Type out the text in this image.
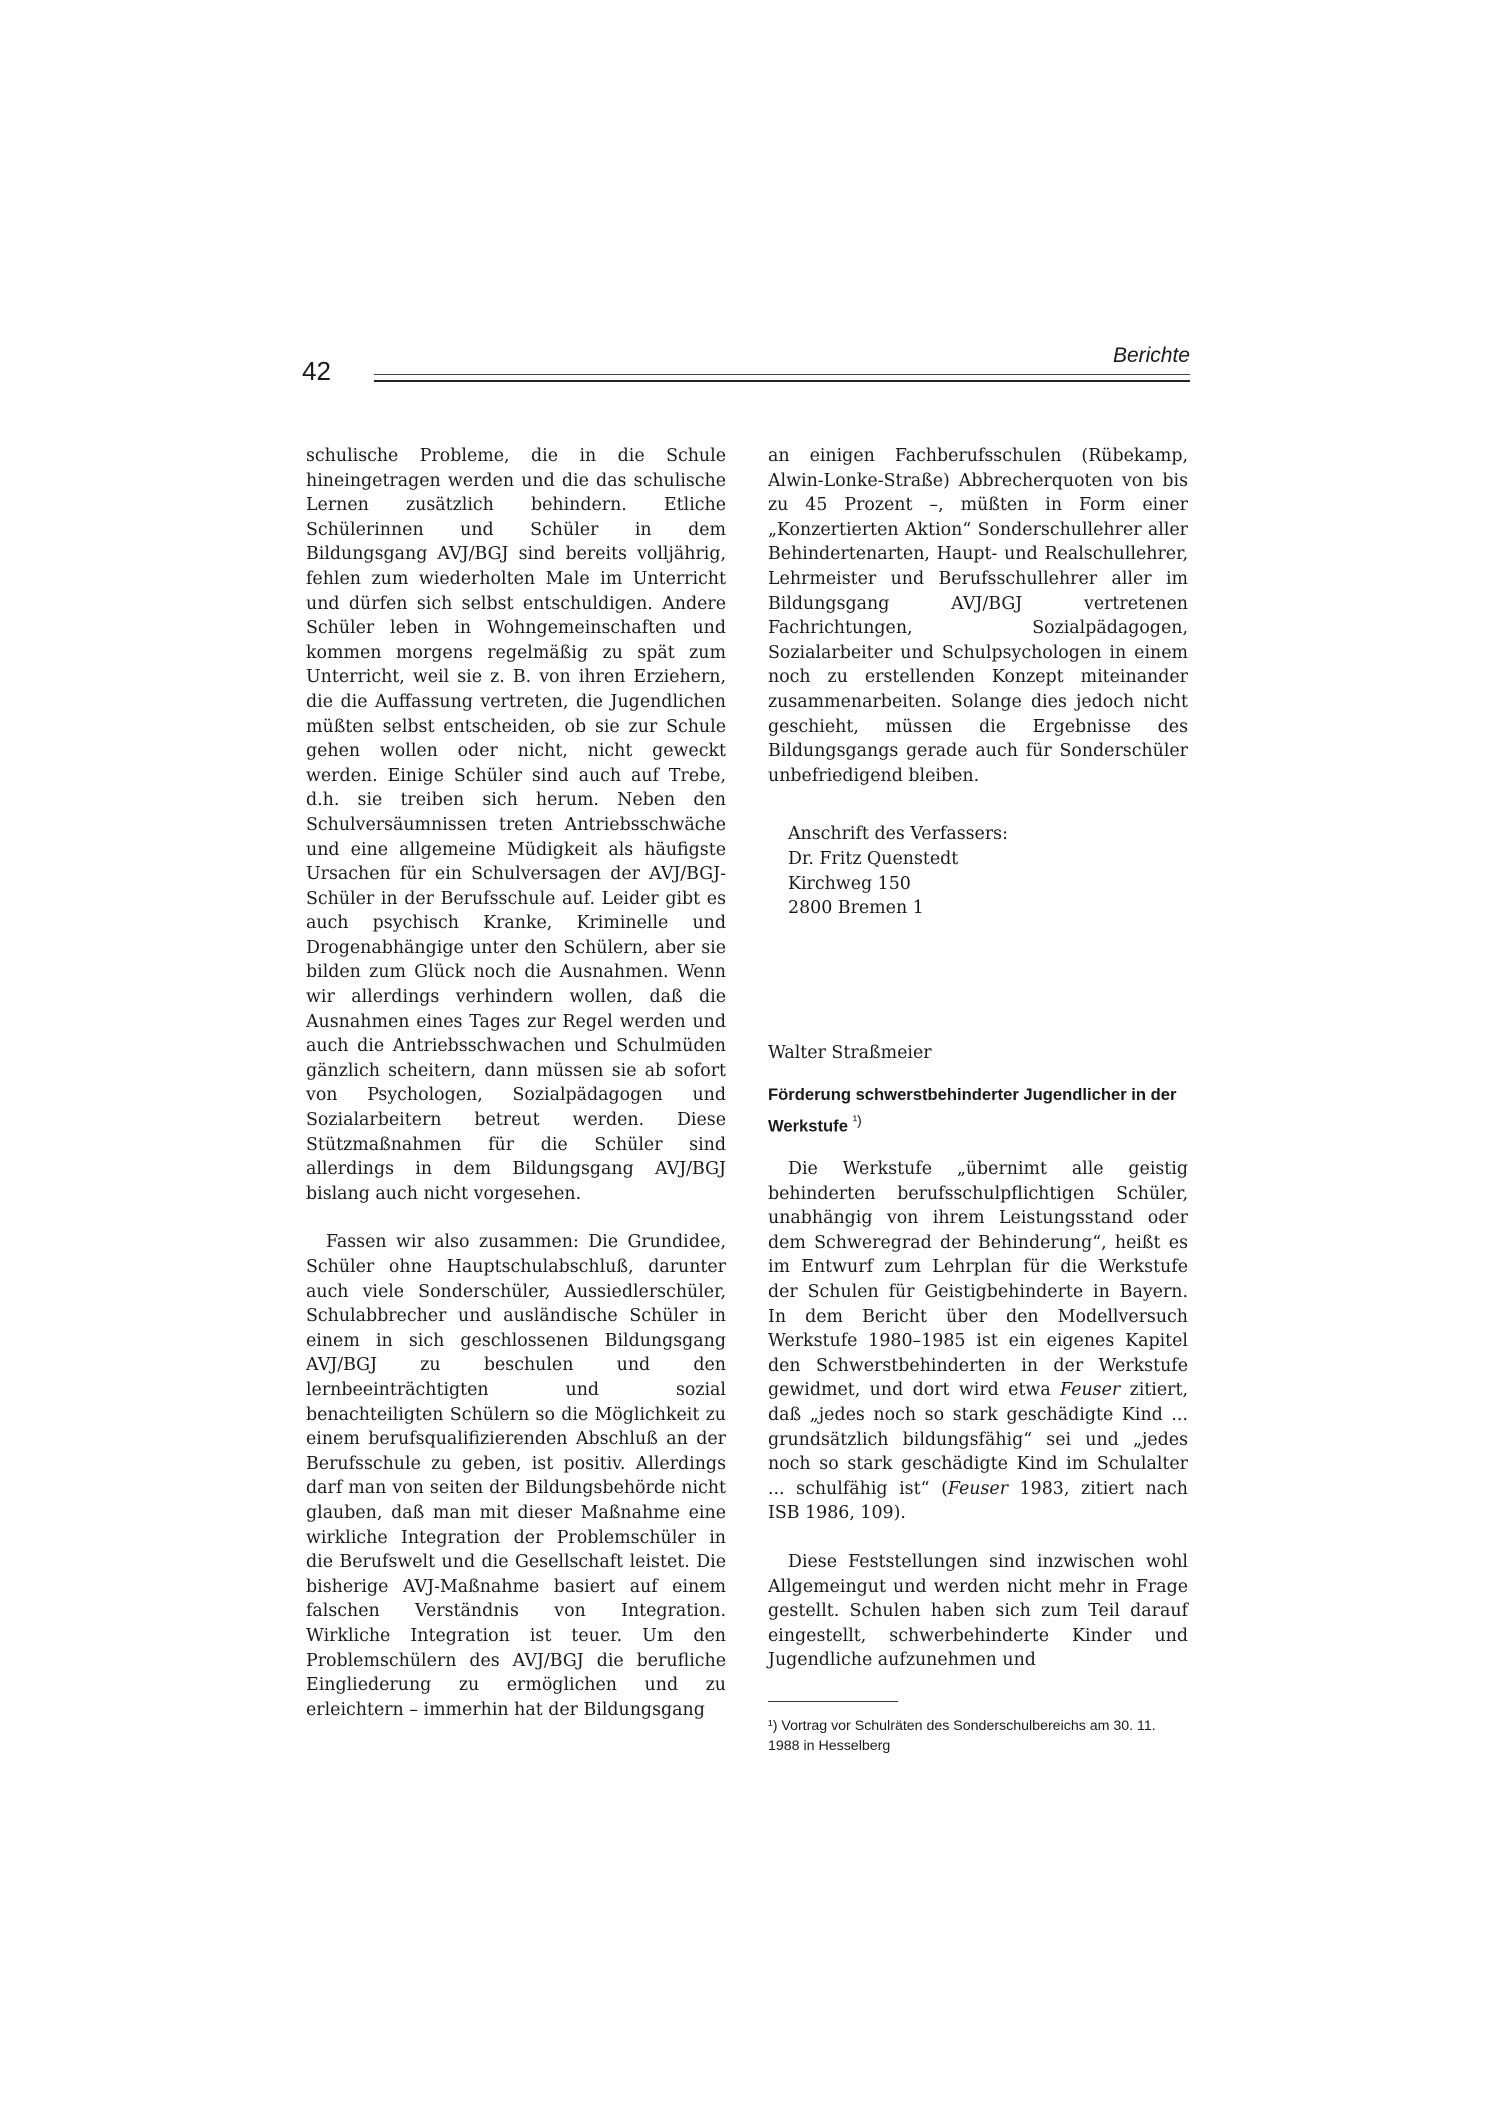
42
Berichte

schulische Probleme, die in die Schule hineingetragen werden und die das schulische Lernen zusätzlich behindern. Etliche Schülerinnen und Schüler in dem Bildungsgang AVJ/BGJ sind bereits volljährig, fehlen zum wiederholten Male im Unterricht und dürfen sich selbst entschuldigen. Andere Schüler leben in Wohngemeinschaften und kommen morgens regelmäßig zu spät zum Unterricht, weil sie z. B. von ihren Erziehern, die die Auffassung vertreten, die Jugendlichen müßten selbst entscheiden, ob sie zur Schule gehen wollen oder nicht, nicht geweckt werden. Einige Schüler sind auch auf Trebe, d.h. sie treiben sich herum. Neben den Schulversäumnissen treten Antriebsschwäche und eine allgemeine Müdigkeit als häufigste Ursachen für ein Schulversagen der AVJ/BGJ-Schüler in der Berufsschule auf. Leider gibt es auch psychisch Kranke, Kriminelle und Drogenabhängige unter den Schülern, aber sie bilden zum Glück noch die Ausnahmen. Wenn wir allerdings verhindern wollen, daß die Ausnahmen eines Tages zur Regel werden und auch die Antriebsschwachen und Schulmüden gänzlich scheitern, dann müssen sie ab sofort von Psychologen, Sozialpädagogen und Sozialarbeitern betreut werden. Diese Stützmaßnahmen für die Schüler sind allerdings in dem Bildungsgang AVJ/BGJ bislang auch nicht vorgesehen.

Fassen wir also zusammen: Die Grundidee, Schüler ohne Hauptschulabschluß, darunter auch viele Sonderschüler, Aussiedlerschüler, Schulabbrecher und ausländische Schüler in einem in sich geschlossenen Bildungsgang AVJ/BGJ zu beschulen und den lernbeeinträchtigten und sozial benachteiligten Schülern so die Möglichkeit zu einem berufsqualifizierenden Abschluß an der Berufsschule zu geben, ist positiv. Allerdings darf man von seiten der Bildungsbehörde nicht glauben, daß man mit dieser Maßnahme eine wirkliche Integration der Problemschüler in die Berufswelt und die Gesellschaft leistet. Die bisherige AVJ-Maßnahme basiert auf einem falschen Verständnis von Integration. Wirkliche Integration ist teuer. Um den Problemschülern des AVJ/BGJ die berufliche Eingliederung zu ermöglichen und zu erleichtern – immerhin hat der Bildungsgang

an einigen Fachberufsschulen (Rübekamp, Alwin-Lonke-Straße) Abbrecherquoten von bis zu 45 Prozent –, müßten in Form einer „Konzertierten Aktion“ Sonderschullehrer aller Behindertenarten, Haupt- und Realschullehrer, Lehrmeister und Berufsschullehrer aller im Bildungsgang AVJ/BGJ vertretenen Fachrichtungen, Sozialpädagogen, Sozialarbeiter und Schulpsychologen in einem noch zu erstellenden Konzept miteinander zusammenarbeiten. Solange dies jedoch nicht geschieht, müssen die Ergebnisse des Bildungsgangs gerade auch für Sonderschüler unbefriedigend bleiben.

Anschrift des Verfassers:
Dr. Fritz Quenstedt
Kirchweg 150
2800 Bremen 1
Walter Straßmeier
Förderung schwerstbehinderter Jugendlicher in der Werkstufe $^{^1)}$

Die Werkstufe „übernimt alle geistig behinderten berufsschulpflichtigen Schüler, unabhängig von ihrem Leistungsstand oder dem Schweregrad der Behinderung“, heißt es im Entwurf zum Lehrplan für die Werkstufe der Schulen für Geistigbehinderte in Bayern. In dem Bericht über den Modellversuch Werkstufe 1980–1985 ist ein eigenes Kapitel den Schwerstbehinderten in der Werkstufe gewidmet, und dort wird etwa Feuser zitiert, daß „jedes noch so stark geschädigte Kind ... grundsätzlich bildungsfähig“ sei und „jedes noch so stark geschädigte Kind im Schulalter ... schulfähig ist“ (Feuser 1983, zitiert nach ISB 1986, 109).

Diese Feststellungen sind inzwischen wohl Allgemeingut und werden nicht mehr in Frage gestellt. Schulen haben sich zum Teil darauf eingestellt, schwerbehinderte Kinder und Jugendliche aufzunehmen und

¹) Vortrag vor Schulräten des Sonderschulbereichs am 30. 11. 1988 in Hesselberg
